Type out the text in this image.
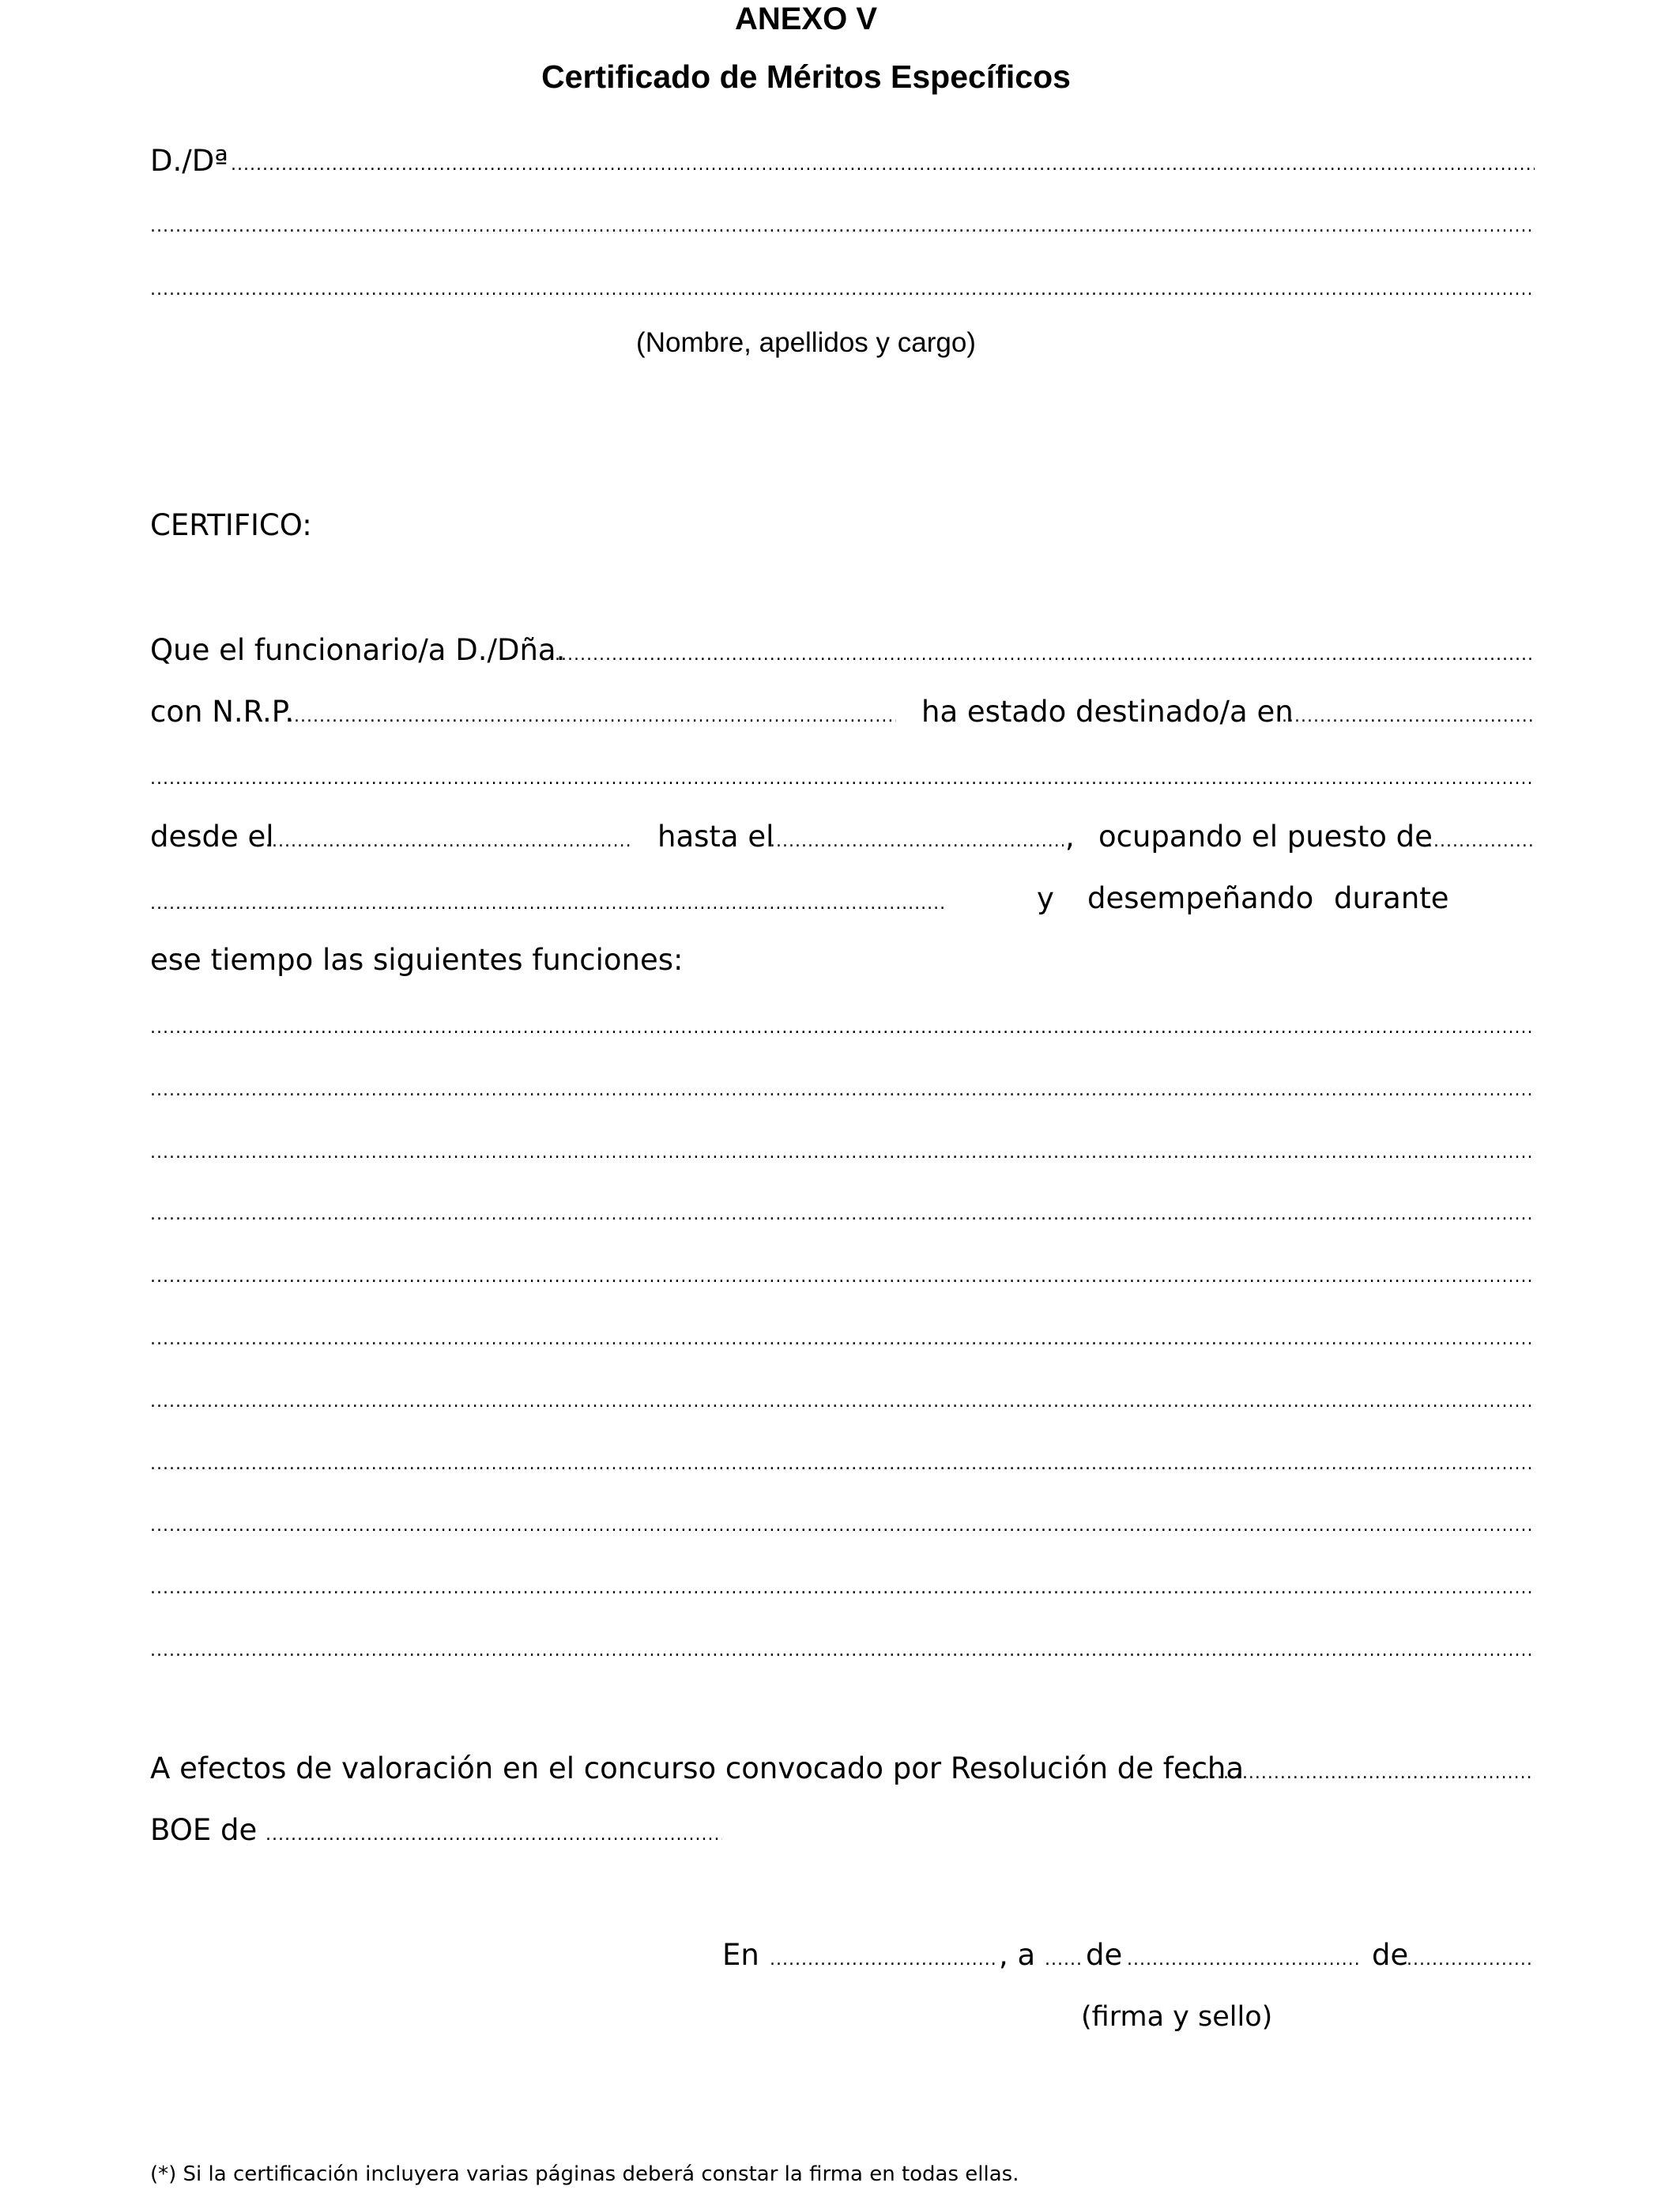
ANEXO V
Certificado de Méritos Específicos
D./Dª
.....
.....
.....
(Nombre, apellidos y cargo)
CERTIFICO:
Que el funcionario/a D./Dña.
.....
con N.R.P. .....	ha estado destinado/a en
.....
.....
desde el .....	hasta el .....	, ocupando el puesto de
.....
.....
y desempeñando durante
ese tiempo las siguientes funciones:
.....
.....
.....
.....
.....
.....
.....
.....
.....
.....
.....
A efectos de valoración en el concurso convocado por Resolución de fecha
.....
BOE de
.....
En .....	, a ..... de .....	de
.....
(firma y sello)
(*) Si la certificación incluyera varias páginas deberá constar la firma en todas ellas.
